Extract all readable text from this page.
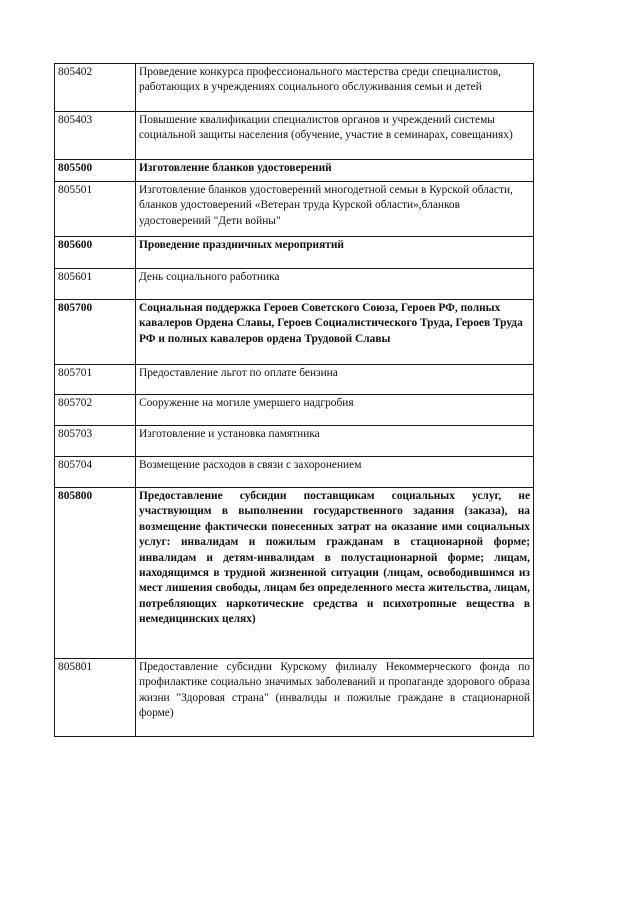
805402	Проведение конкурса профессионального мастерства среди специалистов, работающих в учреждениях социального обслуживания семьи и детей
805403	Повышение квалификации специалистов органов и учреждений системы социальной защиты населения (обучение, участие в семинарах, совещаниях)
805500	Изготовление бланков удостоверений
805501	Изготовление бланков удостоверений многодетной семьи в Курской области, бланков удостоверений «Ветеран труда Курской области»,бланков удостоверений "Дети войны"
805600	Проведение праздничных мероприятий
805601	День социального работника
805700	Социальная поддержка Героев Советского Союза, Героев РФ, полных кавалеров Ордена Славы, Героев Социалистического Труда, Героев Труда РФ и полных кавалеров ордена Трудовой Славы
805701	Предоставление льгот по оплате бензина
805702	Сооружение на могиле умершего надгробия
805703	Изготовление и установка памятника
805704	Возмещение расходов в связи с захоронением
805800	Предоставление субсидии поставщикам социальных услуг, не участвующим в выполнении государственного задания (заказа), на возмещение фактически понесенных затрат на оказание ими социальных услуг: инвалидам и пожилым гражданам в стационарной форме; инвалидам и детям-инвалидам в полустационарной форме; лицам, находящимся в трудной жизненной ситуации (лицам, освободившимся из мест лишения свободы, лицам без определенного места жительства, лицам, потребляющих наркотические средства и психотропные вещества в немедицинских целях)
805801	Предоставление субсидии Курскому филиалу Некоммерческого фонда по профилактике социально значимых заболеваний и пропаганде здорового образа жизни "Здоровая страна" (инвалиды и пожилые граждане в стационарной форме)
